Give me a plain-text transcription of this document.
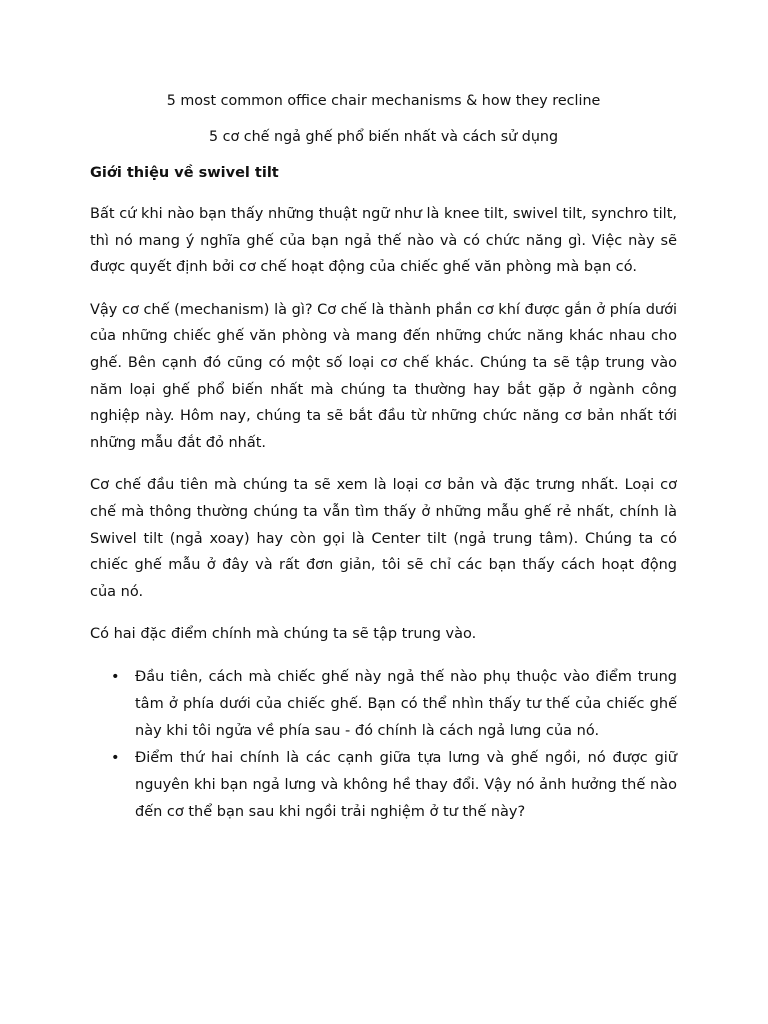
5 most common office chair mechanisms & how they recline

5 cơ chế ngả ghế phổ biến nhất và cách sử dụng

Giới thiệu về swivel tilt

Bất cứ khi nào bạn thấy những thuật ngữ như là knee tilt, swivel tilt, synchro tilt, thì nó mang ý nghĩa ghế của bạn ngả thế nào và có chức năng gì. Việc này sẽ được quyết định bởi cơ chế hoạt động của chiếc ghế văn phòng mà bạn có.

Vậy cơ chế (mechanism) là gì? Cơ chế là thành phần cơ khí được gắn ở phía dưới của những chiếc ghế văn phòng và mang đến những chức năng khác nhau cho ghế. Bên cạnh đó cũng có một số loại cơ chế khác. Chúng ta sẽ tập trung vào năm loại ghế phổ biến nhất mà chúng ta thường hay bắt gặp ở ngành công nghiệp này. Hôm nay, chúng ta sẽ bắt đầu từ những chức năng cơ bản nhất tới những mẫu đắt đỏ nhất.

Cơ chế đầu tiên mà chúng ta sẽ xem là loại cơ bản và đặc trưng nhất. Loại cơ chế mà thông thường chúng ta vẫn tìm thấy ở những mẫu ghế rẻ nhất, chính là Swivel tilt (ngả xoay) hay còn gọi là Center tilt (ngả trung tâm). Chúng ta có chiếc ghế mẫu ở đây và rất đơn giản, tôi sẽ chỉ các bạn thấy cách hoạt động của nó.

Có hai đặc điểm chính mà chúng ta sẽ tập trung vào.

• Đầu tiên, cách mà chiếc ghế này ngả thế nào phụ thuộc vào điểm trung tâm ở phía dưới của chiếc ghế. Bạn có thể nhìn thấy tư thế của chiếc ghế này khi tôi ngửa về phía sau - đó chính là cách ngả lưng của nó.
• Điểm thứ hai chính là các cạnh giữa tựa lưng và ghế ngồi, nó được giữ nguyên khi bạn ngả lưng và không hề thay đổi. Vậy nó ảnh hưởng thế nào đến cơ thể bạn sau khi ngồi trải nghiệm ở tư thế này?
